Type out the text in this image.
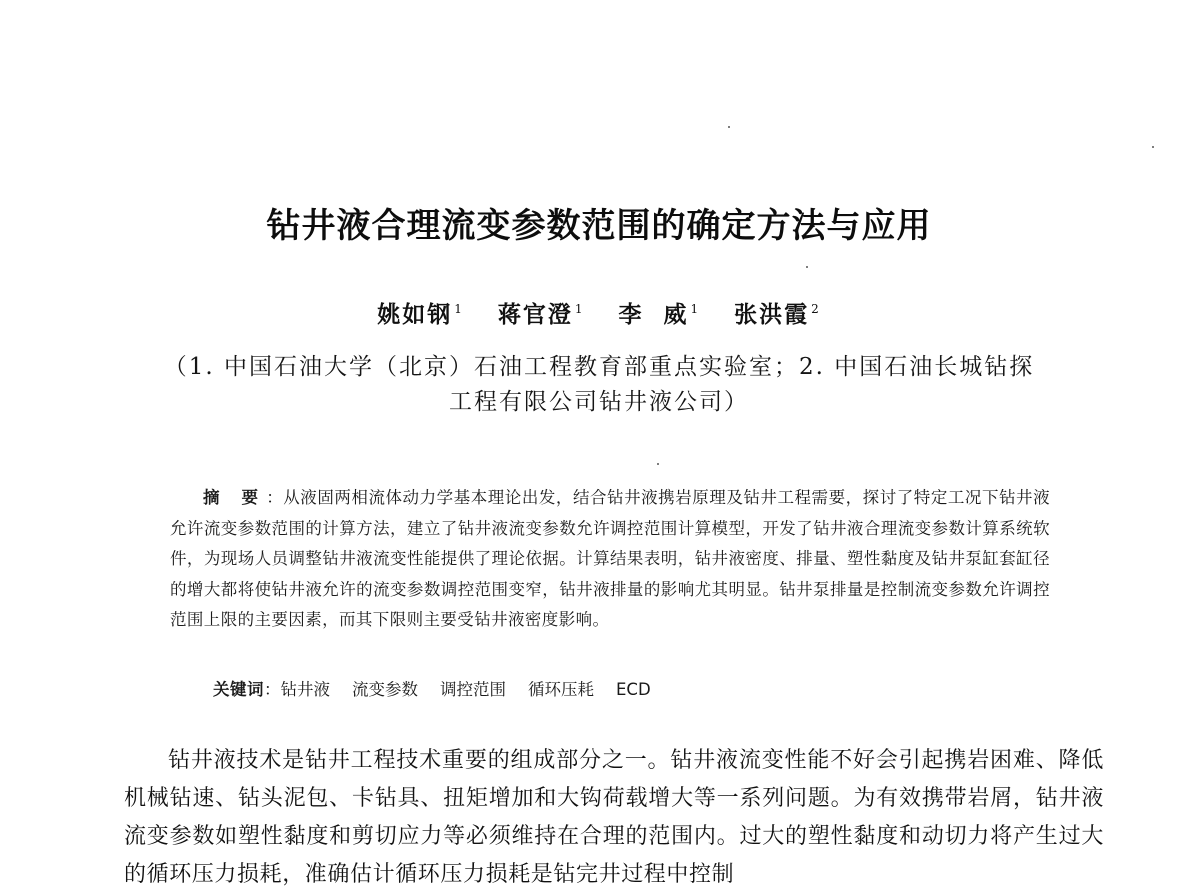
钻井液合理流变参数范围的确定方法与应用
姚如钢 $^1$ 蒋官澄 $^1$ 李  威 $^1$ 张洪霞 $^2$
（1. 中国石油大学（北京）石油工程教育部重点实验室；2. 中国石油长城钻探
工程有限公司钻井液公司）
摘 要：从液固两相流体动力学基本理论出发，结合钻井液携岩原理及钻井工程需要，探讨了特定工况下钻井液允许流变参数范围的计算方法，建立了钻井液流变参数允许调控范围计算模型，开发了钻井液合理流变参数计算系统软件，为现场人员调整钻井液流变性能提供了理论依据。计算结果表明，钻井液密度、排量、塑性黏度及钻井泵缸套缸径的增大都将使钻井液允许的流变参数调控范围变窄，钻井液排量的影响尤其明显。钻井泵排量是控制流变参数允许调控范围上限的主要因素，而其下限则主要受钻井液密度影响。
关键词：钻井液 流变参数 调控范围 循环压耗 ECD
钻井液技术是钻井工程技术重要的组成部分之一。钻井液流变性能不好会引起携岩困难、降低机械钻速、钻头泥包、卡钻具、扭矩增加和大钩荷载增大等一系列问题。为有效携带岩屑，钻井液流变参数如塑性黏度和剪切应力等必须维持在合理的范围内。过大的塑性黏度和动切力将产生过大的循环压力损耗，准确估计循环压力损耗是钻完井过程中控制
